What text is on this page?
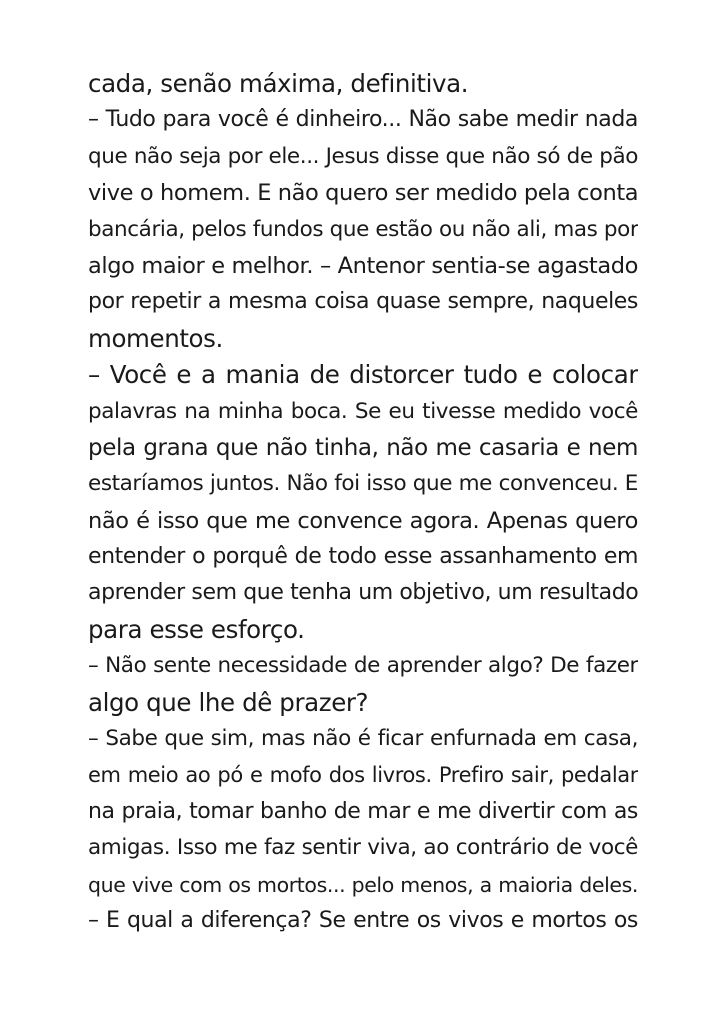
cada, senão máxima, definitiva.
– Tudo para você é dinheiro... Não sabe medir nada
que não seja por ele... Jesus disse que não só de pão
vive o homem. E não quero ser medido pela conta
bancária, pelos fundos que estão ou não ali, mas por
algo maior e melhor. – Antenor sentia-se agastado
por repetir a mesma coisa quase sempre, naqueles
momentos.
– Você e a mania de distorcer tudo e colocar
palavras na minha boca. Se eu tivesse medido você
pela grana que não tinha, não me casaria e nem
estaríamos juntos. Não foi isso que me convenceu. E
não é isso que me convence agora. Apenas quero
entender o porquê de todo esse assanhamento em
aprender sem que tenha um objetivo, um resultado
para esse esforço.
– Não sente necessidade de aprender algo? De fazer
algo que lhe dê prazer?
– Sabe que sim, mas não é ficar enfurnada em casa,
em meio ao pó e mofo dos livros. Prefiro sair, pedalar
na praia, tomar banho de mar e me divertir com as
amigas. Isso me faz sentir viva, ao contrário de você
que vive com os mortos... pelo menos, a maioria deles.
– E qual a diferença? Se entre os vivos e mortos os
